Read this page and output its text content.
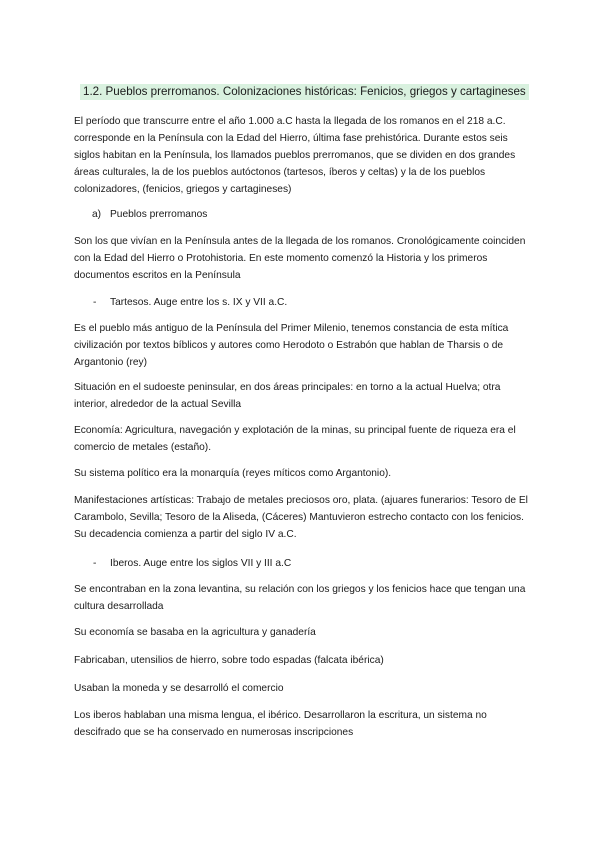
1.2. Pueblos prerromanos. Colonizaciones históricas: Fenicios, griegos y cartagineses

El período que transcurre entre el año 1.000 a.C hasta la llegada de los romanos en el 218 a.C. corresponde en la Península con la Edad del Hierro, última fase prehistórica. Durante estos seis siglos habitan en la Península, los llamados pueblos prerromanos, que se dividen en dos grandes áreas culturales, la de los pueblos autóctonos (tartesos, íberos y celtas) y la de los pueblos colonizadores, (fenicios, griegos y cartagineses)

a) Pueblos prerromanos

Son los que vivían en la Península antes de la llegada de los romanos. Cronológicamente coinciden con la Edad del Hierro o Protohistoria. En este momento comenzó la Historia y los primeros documentos escritos en la Península

- Tartesos. Auge entre los s. IX y VII a.C.

Es el pueblo más antiguo de la Península del Primer Milenio, tenemos constancia de esta mítica civilización por textos bíblicos y autores como Herodoto o Estrabón que hablan de Tharsis o de Argantonio (rey)

Situación en el sudoeste peninsular, en dos áreas principales: en torno a la actual Huelva; otra interior, alrededor de la actual Sevilla

Economía: Agricultura, navegación y explotación de la minas, su principal fuente de riqueza era el comercio de metales (estaño).

Su sistema político era la monarquía (reyes míticos como Argantonio).

Manifestaciones artísticas: Trabajo de metales preciosos oro, plata. (ajuares funerarios: Tesoro de El Carambolo, Sevilla; Tesoro de la Aliseda, (Cáceres) Mantuvieron estrecho contacto con los fenicios. Su decadencia comienza a partir del siglo IV a.C.

- Iberos. Auge entre los siglos VII y III a.C

Se encontraban en la zona levantina, su relación con los griegos y los fenicios hace que tengan una cultura desarrollada

Su economía se basaba en la agricultura y ganadería

Fabricaban, utensilios de hierro, sobre todo espadas (falcata ibérica)

Usaban la moneda y se desarrolló el comercio

Los iberos hablaban una misma lengua, el ibérico. Desarrollaron la escritura, un sistema no descifrado que se ha conservado en numerosas inscripciones
